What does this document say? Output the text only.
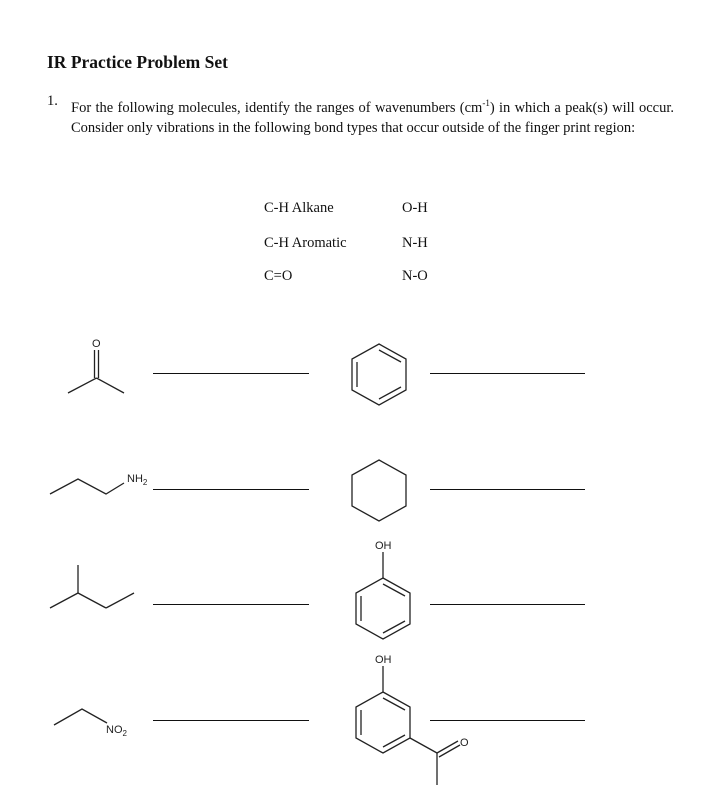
IR Practice Problem Set
1. For the following molecules, identify the ranges of wavenumbers $(cm^{-1})$ in which a peak(s) will occur. Consider only vibrations in the following bond types that occur outside of the finger print region:
C-H Alkane
C-H Aromatic
C=O
O-H
N-H
N-O
O
$NH_2$
$NO_2$
OH
OH
O
